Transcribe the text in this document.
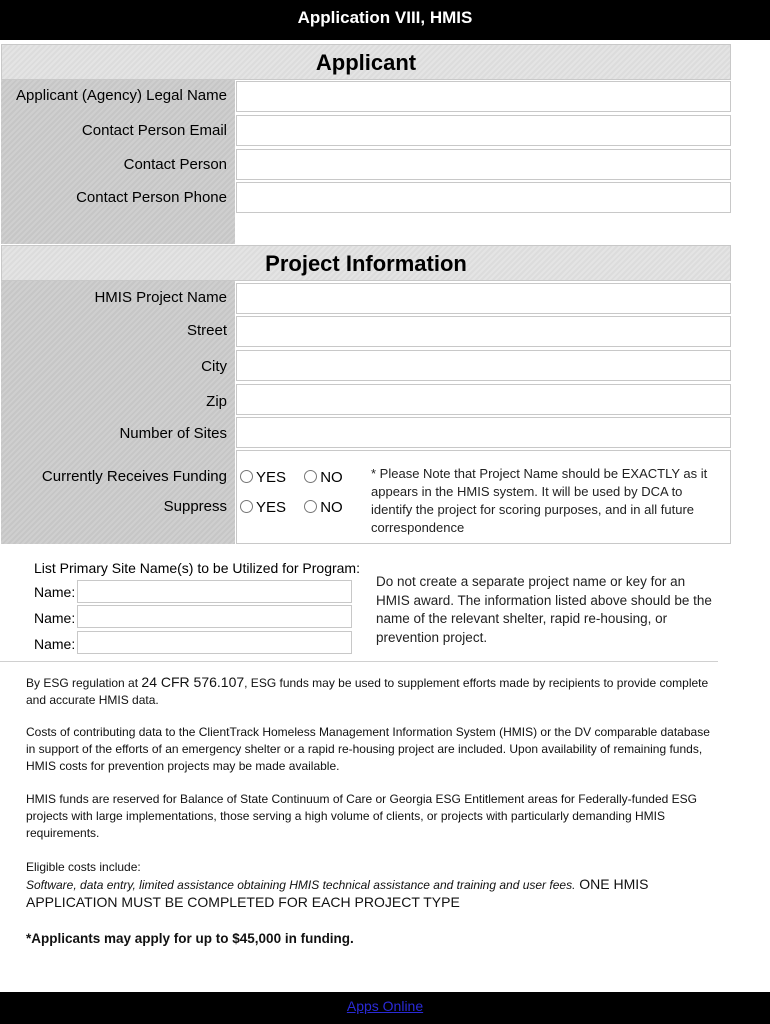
Application VIII, HMIS
Applicant
Applicant (Agency) Legal Name
Contact Person Email
Contact Person
Contact Person Phone
Project Information
HMIS Project Name
Street
City
Zip
Number of Sites
Currently Receives Funding	YES NO
Suppress	YES NO
* Please Note that Project Name should be EXACTLY as it appears in the HMIS system. It will be used by DCA to identify the project for scoring purposes, and in all future correspondence
List Primary Site Name(s) to be Utilized for Program:
Name:
Name:
Name:
Do not create a separate project name or key for an HMIS award. The information listed above should be the name of the relevant shelter, rapid re-housing, or prevention project.
By ESG regulation at 24 CFR 576.107, ESG funds may be used to supplement efforts made by recipients to provide complete and accurate HMIS data.
Costs of contributing data to the ClientTrack Homeless Management Information System (HMIS) or the DV comparable database in support of the efforts of an emergency shelter or a rapid re-housing project are included. Upon availability of remaining funds, HMIS costs for prevention projects may be made available.
HMIS funds are reserved for Balance of State Continuum of Care or Georgia ESG Entitlement areas for Federally-funded ESG projects with large implementations, those serving a high volume of clients, or projects with particularly demanding HMIS requirements.
Eligible costs include:
Software, data entry, limited assistance obtaining HMIS technical assistance and training and user fees. ONE HMIS APPLICATION MUST BE COMPLETED FOR EACH PROJECT TYPE
*Applicants may apply for up to $45,000 in funding.
Apps Online
